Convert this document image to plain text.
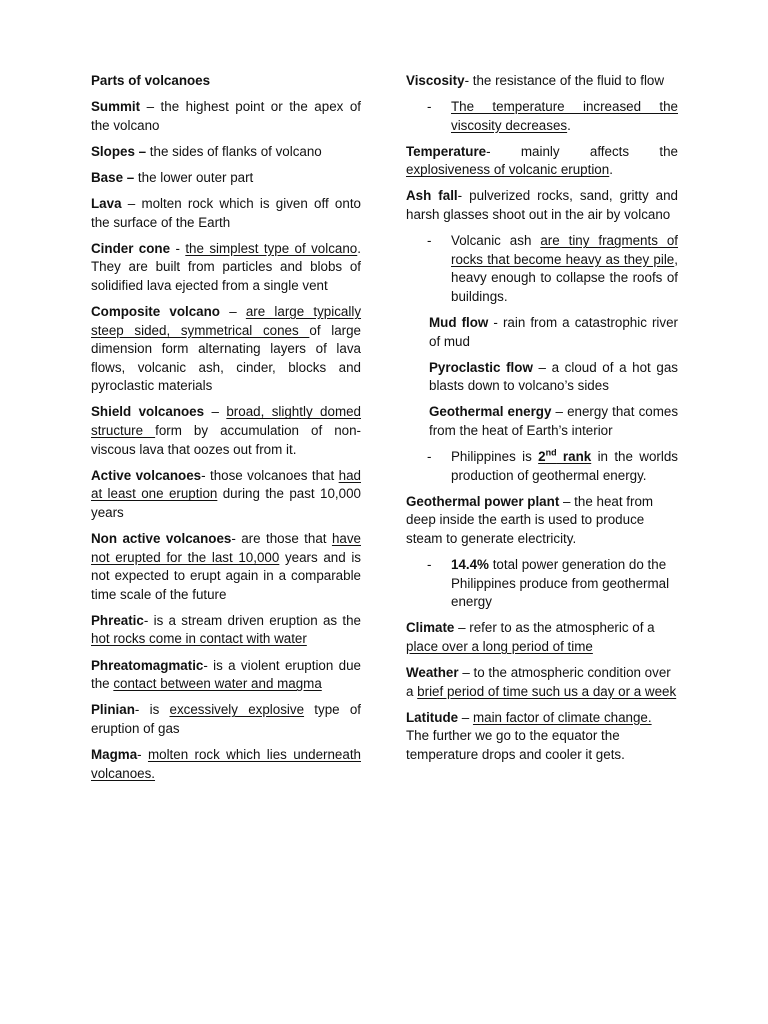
Parts of volcanoes

Summit – the highest point or the apex of the volcano

Slopes – the sides of flanks of volcano

Base – the lower outer part

Lava – molten rock which is given off onto the surface of the Earth

Cinder cone - the simplest type of volcano. They are built from particles and blobs of solidified lava ejected from a single vent

Composite volcano – are large typically steep sided, symmetrical cones of large dimension form alternating layers of lava flows, volcanic ash, cinder, blocks and pyroclastic materials

Shield volcanoes – broad, slightly domed structure form by accumulation of non-viscous lava that oozes out from it.

Active volcanoes- those volcanoes that had at least one eruption during the past 10,000 years

Non active volcanoes- are those that have not erupted for the last 10,000 years and is not expected to erupt again in a comparable time scale of the future

Phreatic- is a stream driven eruption as the hot rocks come in contact with water

Phreatomagmatic- is a violent eruption due the contact between water and magma

Plinian- is excessively explosive type of eruption of gas

Magma- molten rock which lies underneath volcanoes.

Viscosity- the resistance of the fluid to flow

- The temperature increased the viscosity decreases.

Temperature- mainly affects the explosiveness of volcanic eruption.

Ash fall- pulverized rocks, sand, gritty and harsh glasses shoot out in the air by volcano

- Volcanic ash are tiny fragments of rocks that become heavy as they pile, heavy enough to collapse the roofs of buildings.

Mud flow - rain from a catastrophic river of mud

Pyroclastic flow – a cloud of a hot gas blasts down to volcano’s sides

Geothermal energy – energy that comes from the heat of Earth’s interior

- Philippines is 2nd rank in the worlds production of geothermal energy.

Geothermal power plant – the heat from deep inside the earth is used to produce steam to generate electricity.

- 14.4% total power generation do the Philippines produce from geothermal energy

Climate – refer to as the atmospheric of a place over a long period of time

Weather – to the atmospheric condition over a brief period of time such us a day or a week

Latitude – main factor of climate change. The further we go to the equator the temperature drops and cooler it gets.
